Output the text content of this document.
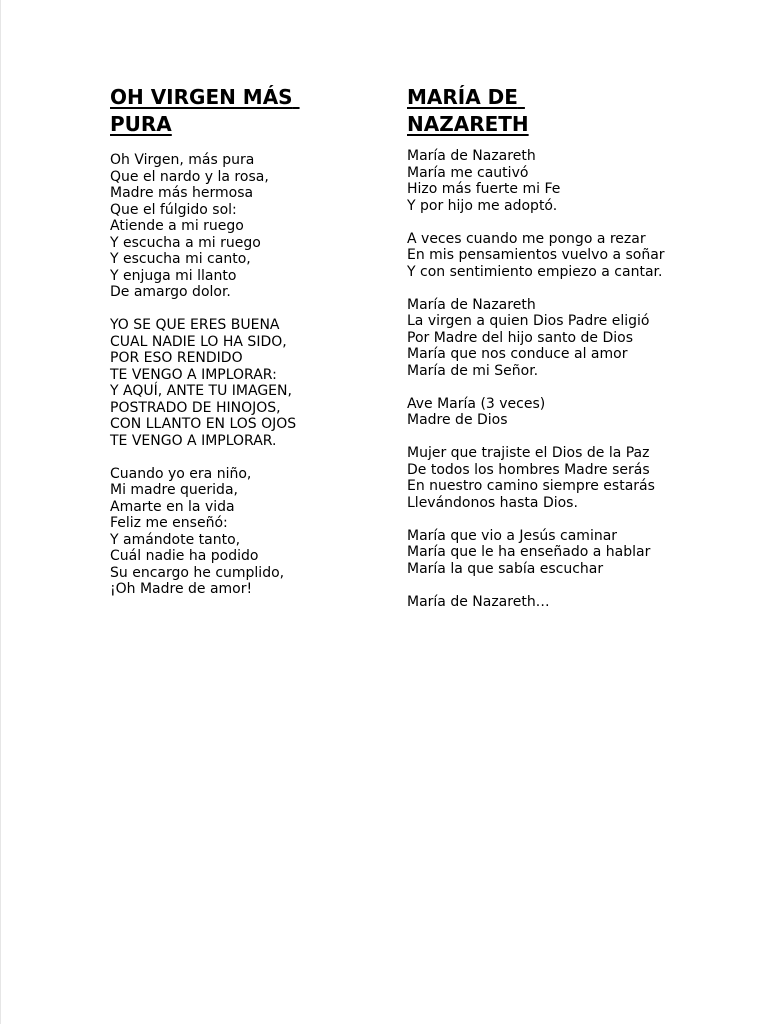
OH VIRGEN MÁS PURA
Oh Virgen, más pura
Que el nardo y la rosa,
Madre más hermosa
Que el fúlgido sol:
Atiende a mi ruego
Y escucha a mi ruego
Y escucha mi canto,
Y enjuga mi llanto
De amargo dolor.
YO SE QUE ERES BUENA
CUAL NADIE LO HA SIDO,
POR ESO RENDIDO
TE VENGO A IMPLORAR:
Y AQUÍ, ANTE TU IMAGEN,
POSTRADO DE HINOJOS,
CON LLANTO EN LOS OJOS
TE VENGO A IMPLORAR.
Cuando yo era niño,
Mi madre querida,
Amarte en la vida
Feliz me enseñó:
Y amándote tanto,
Cuál nadie ha podido
Su encargo he cumplido,
¡Oh Madre de amor!
MARÍA DE NAZARETH
María de Nazareth
María me cautivó
Hizo más fuerte mi Fe
Y por hijo me adoptó.
A veces cuando me pongo a rezar
En mis pensamientos vuelvo a soñar
Y con sentimiento empiezo a cantar.
María de Nazareth
La virgen a quien Dios Padre eligió
Por Madre del hijo santo de Dios
María que nos conduce al amor
María de mi Señor.
Ave María (3 veces)
Madre de Dios
Mujer que trajiste el Dios de la Paz
De todos los hombres Madre serás
En nuestro camino siempre estarás
Llevándonos hasta Dios.
María que vio a Jesús caminar
María que le ha enseñado a hablar
María la que sabía escuchar
María de Nazareth…
